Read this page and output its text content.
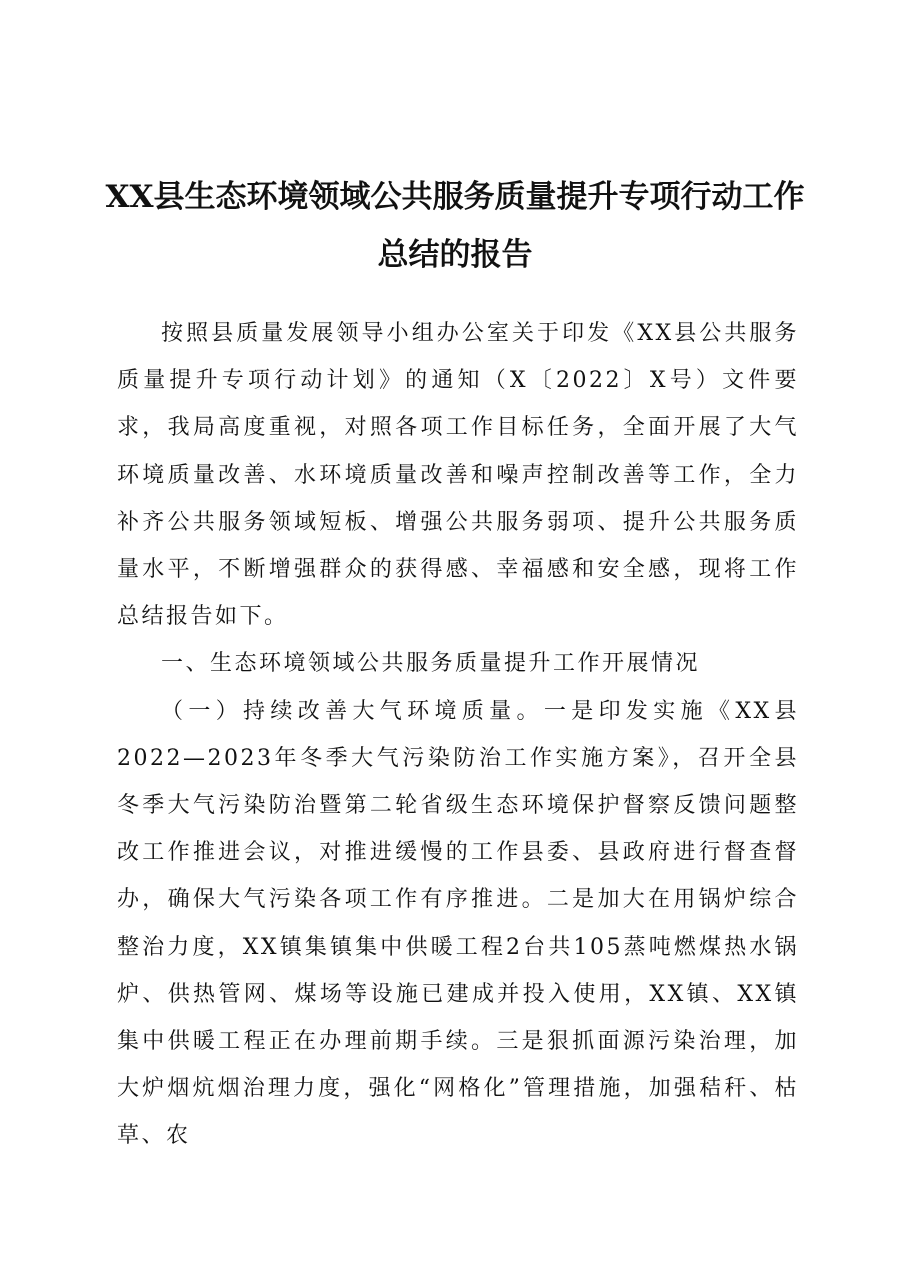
XX县生态环境领域公共服务质量提升专项行动工作总结的报告

按照县质量发展领导小组办公室关于印发《XX县公共服务质量提升专项行动计划》的通知（X〔2022〕X号）文件要求，我局高度重视，对照各项工作目标任务，全面开展了大气环境质量改善、水环境质量改善和噪声控制改善等工作，全力补齐公共服务领域短板、增强公共服务弱项、提升公共服务质量水平，不断增强群众的获得感、幸福感和安全感，现将工作总结报告如下。

一、生态环境领域公共服务质量提升工作开展情况

（一）持续改善大气环境质量。一是印发实施《XX县2022—2023年冬季大气污染防治工作实施方案》，召开全县冬季大气污染防治暨第二轮省级生态环境保护督察反馈问题整改工作推进会议，对推进缓慢的工作县委、县政府进行督查督办，确保大气污染各项工作有序推进。二是加大在用锅炉综合整治力度，XX镇集镇集中供暖工程2台共105蒸吨燃煤热水锅炉、供热管网、煤场等设施已建成并投入使用，XX镇、XX镇集中供暖工程正在办理前期手续。三是狠抓面源污染治理，加大炉烟炕烟治理力度，强化“网格化”管理措施，加强秸秆、枯草、农
